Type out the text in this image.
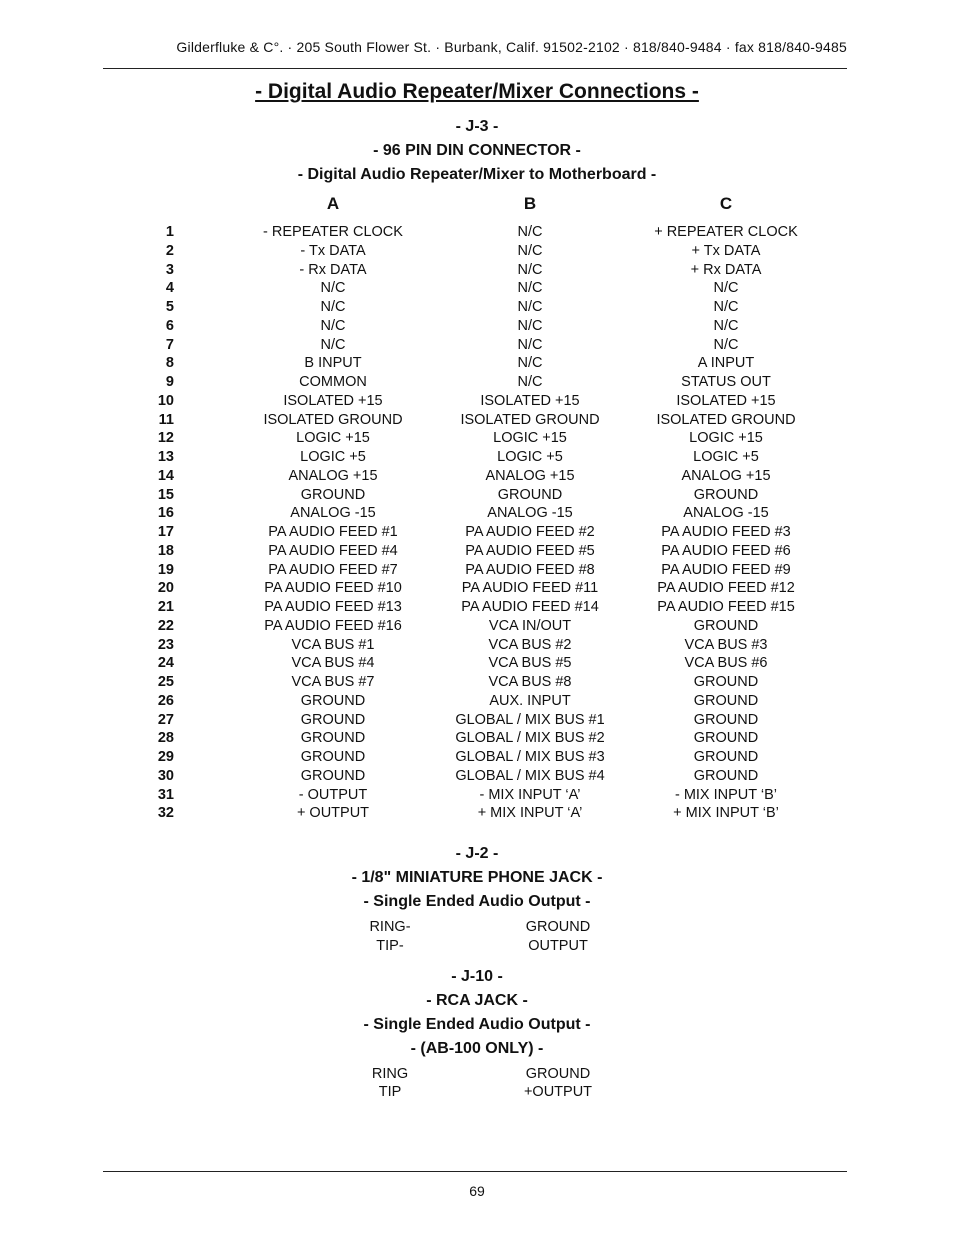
Gilderfluke & C°. · 205 South Flower St. · Burbank, Calif. 91502-2102 · 818/840-9484 · fax 818/840-9485
- Digital Audio Repeater/Mixer Connections -
- J-3 -
- 96 PIN DIN CONNECTOR -
- Digital Audio Repeater/Mixer to Motherboard -
A	B	C
1	- REPEATER CLOCK	N/C	+ REPEATER CLOCK
2	- Tx DATA	N/C	+ Tx DATA
3	- Rx DATA	N/C	+ Rx DATA
4	N/C	N/C	N/C
5	N/C	N/C	N/C
6	N/C	N/C	N/C
7	N/C	N/C	N/C
8	B INPUT	N/C	A INPUT
9	COMMON	N/C	STATUS OUT
10	ISOLATED +15	ISOLATED +15	ISOLATED +15
11	ISOLATED GROUND	ISOLATED GROUND	ISOLATED GROUND
12	LOGIC +15	LOGIC +15	LOGIC +15
13	LOGIC +5	LOGIC +5	LOGIC +5
14	ANALOG +15	ANALOG +15	ANALOG +15
15	GROUND	GROUND	GROUND
16	ANALOG -15	ANALOG -15	ANALOG -15
17	PA AUDIO FEED #1	PA AUDIO FEED #2	PA AUDIO FEED #3
18	PA AUDIO FEED #4	PA AUDIO FEED #5	PA AUDIO FEED #6
19	PA AUDIO FEED #7	PA AUDIO FEED #8	PA AUDIO FEED #9
20	PA AUDIO FEED #10	PA AUDIO FEED #11	PA AUDIO FEED #12
21	PA AUDIO FEED #13	PA AUDIO FEED #14	PA AUDIO FEED #15
22	PA AUDIO FEED #16	VCA IN/OUT	GROUND
23	VCA BUS #1	VCA BUS #2	VCA BUS #3
24	VCA BUS #4	VCA BUS #5	VCA BUS #6
25	VCA BUS #7	VCA BUS #8	GROUND
26	GROUND	AUX. INPUT	GROUND
27	GROUND	GLOBAL / MIX BUS #1	GROUND
28	GROUND	GLOBAL / MIX BUS #2	GROUND
29	GROUND	GLOBAL / MIX BUS #3	GROUND
30	GROUND	GLOBAL / MIX BUS #4	GROUND
31	- OUTPUT	- MIX INPUT ‘A’	- MIX INPUT ‘B’
32	+ OUTPUT	+ MIX INPUT ‘A’	+ MIX INPUT ‘B’
- J-2 -
- 1/8" MINIATURE PHONE JACK -
- Single Ended Audio Output -
RING-	GROUND
TIP-	OUTPUT
- J-10 -
- RCA JACK -
- Single Ended Audio Output -
- (AB-100 ONLY) -
RING	GROUND
TIP	+OUTPUT
69
